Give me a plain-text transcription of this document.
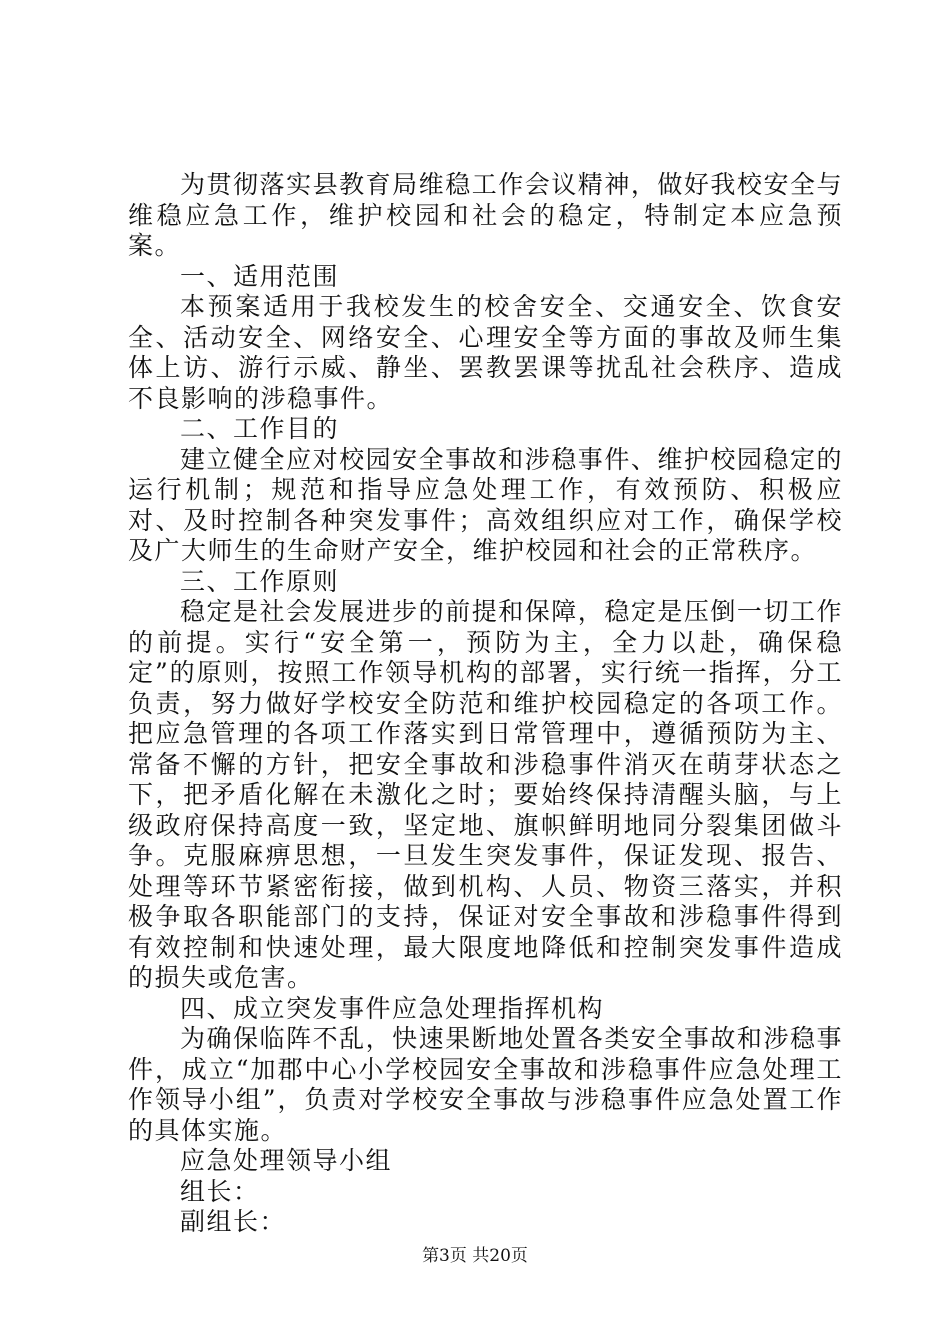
为贯彻落实县教育局维稳工作会议精神，做好我校安全与维稳应急工作，维护校园和社会的稳定，特制定本应急预案。

一、适用范围

本预案适用于我校发生的校舍安全、交通安全、饮食安全、活动安全、网络安全、心理安全等方面的事故及师生集体上访、游行示威、静坐、罢教罢课等扰乱社会秩序、造成不良影响的涉稳事件。

二、工作目的

建立健全应对校园安全事故和涉稳事件、维护校园稳定的运行机制；规范和指导应急处理工作，有效预防、积极应对、及时控制各种突发事件；高效组织应对工作，确保学校及广大师生的生命财产安全，维护校园和社会的正常秩序。

三、工作原则

稳定是社会发展进步的前提和保障，稳定是压倒一切工作的前提。实行“安全第一，预防为主，全力以赴，确保稳定”的原则，按照工作领导机构的部署，实行统一指挥，分工负责，努力做好学校安全防范和维护校园稳定的各项工作。把应急管理的各项工作落实到日常管理中，遵循预防为主、常备不懈的方针，把安全事故和涉稳事件消灭在萌芽状态之下，把矛盾化解在未激化之时；要始终保持清醒头脑，与上级政府保持高度一致，坚定地、旗帜鲜明地同分裂集团做斗争。克服麻痹思想，一旦发生突发事件，保证发现、报告、处理等环节紧密衔接，做到机构、人员、物资三落实，并积极争取各职能部门的支持，保证对安全事故和涉稳事件得到有效控制和快速处理，最大限度地降低和控制突发事件造成的损失或危害。

四、成立突发事件应急处理指挥机构

为确保临阵不乱，快速果断地处置各类安全事故和涉稳事件，成立“加郡中心小学校园安全事故和涉稳事件应急处理工作领导小组”，负责对学校安全事故与涉稳事件应急处置工作的具体实施。

应急处理领导小组

组长：

副组长：

第3页 共20页
